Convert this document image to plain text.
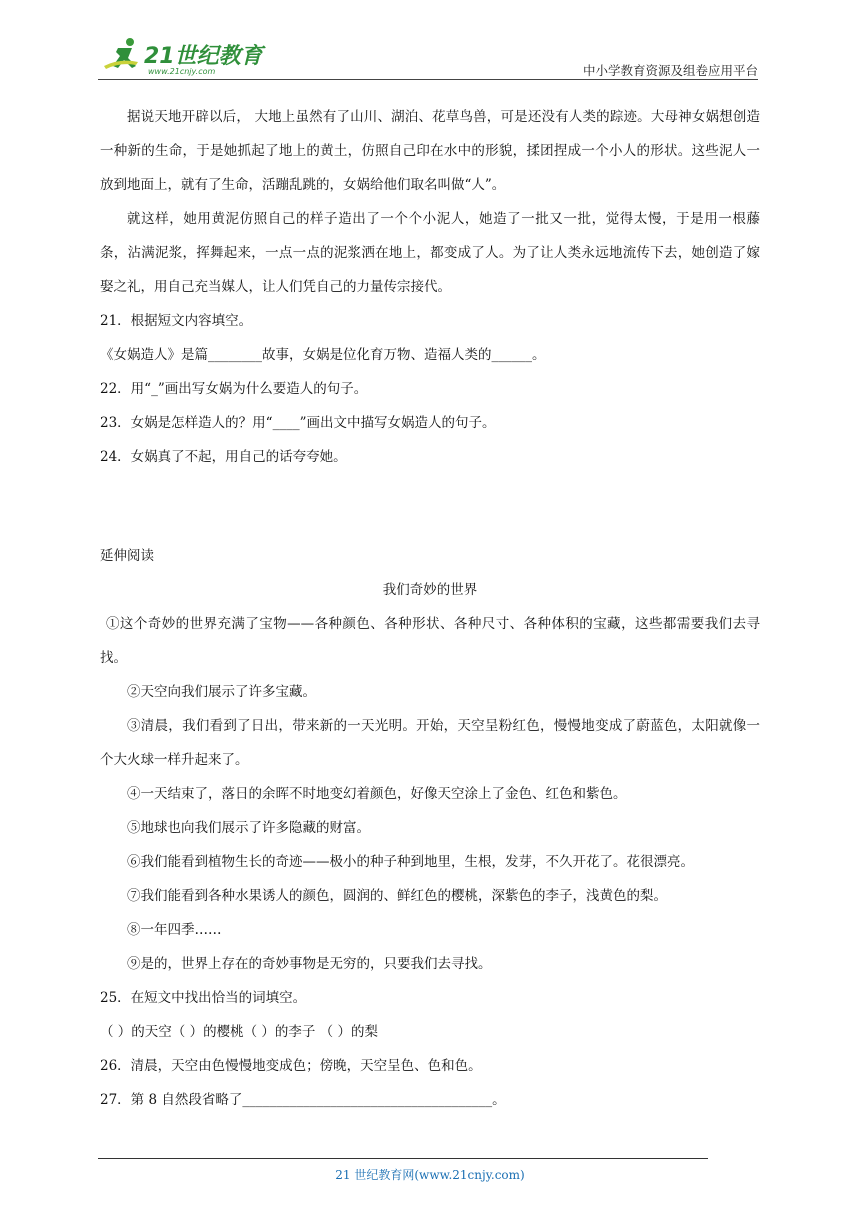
21世纪教育
www.21cnjy.com	中小学教育资源及组卷应用平台

据说天地开辟以后， 大地上虽然有了山川、湖泊、花草鸟兽，可是还没有人类的踪迹。大母神女娲想创造一种新的生命，于是她抓起了地上的黄土，仿照自己印在水中的形貌，揉团捏成一个小人的形状。这些泥人一放到地面上，就有了生命，活蹦乱跳的，女娲给他们取名叫做“人”。

就这样，她用黄泥仿照自己的样子造出了一个个小泥人，她造了一批又一批，觉得太慢，于是用一根藤条，沾满泥浆，挥舞起来，一点一点的泥浆洒在地上，都变成了人。为了让人类永远地流传下去，她创造了嫁娶之礼，用自己充当媒人，让人们凭自己的力量传宗接代。

21．根据短文内容填空。

《女娲造人》是篇________故事，女娲是位化育万物、造福人类的______。

22．用“_”画出写女娲为什么要造人的句子。

23．女娲是怎样造人的？用“____”画出文中描写女娲造人的句子。

24．女娲真了不起，用自己的话夸夸她。

延伸阅读

我们奇妙的世界

①这个奇妙的世界充满了宝物——各种颜色、各种形状、各种尺寸、各种体积的宝藏，这些都需要我们去寻找。

②天空向我们展示了许多宝藏。

③清晨，我们看到了日出，带来新的一天光明。开始，天空呈粉红色，慢慢地变成了蔚蓝色，太阳就像一个大火球一样升起来了。

④一天结束了，落日的余晖不时地变幻着颜色，好像天空涂上了金色、红色和紫色。

⑤地球也向我们展示了许多隐藏的财富。

⑥我们能看到植物生长的奇迹——极小的种子种到地里，生根，发芽，不久开花了。花很漂亮。

⑦我们能看到各种水果诱人的颜色，圆润的、鲜红色的樱桃，深紫色的李子，浅黄色的梨。

⑧一年四季……

⑨是的，世界上存在的奇妙事物是无穷的，只要我们去寻找。

25．在短文中找出恰当的词填空。

（ ）的天空（ ）的樱桃（ ）的李子 （ ）的梨

26．清晨，天空由色慢慢地变成色；傍晚，天空呈色、色和色。

27．第 8 自然段省略了_____________________________________。

21 世纪教育网(www.21cnjy.com)
